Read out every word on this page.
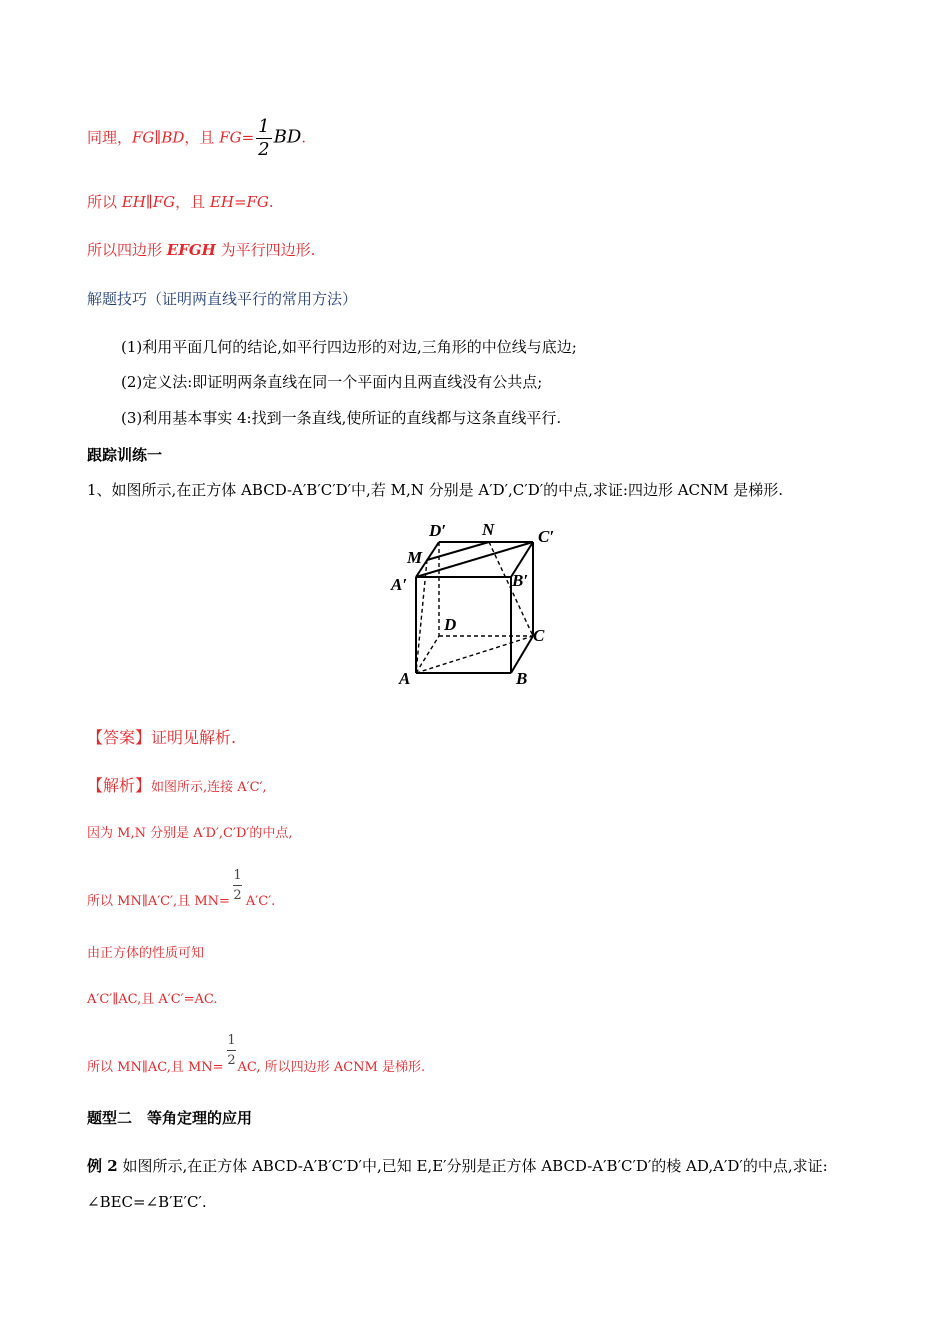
同理，FG∥BD，且 $FG= \frac{1}{2}$ BD.
所以 EH∥FG，且 EH=FG.
所以四边形 EFGH 为平行四边形.
解题技巧（证明两直线平行的常用方法）
(1)利用平面几何的结论,如平行四边形的对边,三角形的中位线与底边;
(2)定义法:即证明两条直线在同一个平面内且两直线没有公共点;
(3)利用基本事实 4:找到一条直线,使所证的直线都与这条直线平行.
跟踪训练一
1、如图所示,在正方体 ABCD-A′B′C′D′中,若 M,N 分别是 A′D′,C′D′的中点,求证:四边形 ACNM 是梯形.
D′ N	C′
M
A′	B′
D
C
A	B
【答案】证明见解析.
【解析】如图所示,连接 A′C′,
因为 M,N 分别是 A′D′,C′D′的中点,
所以 MN∥A′C′,且 MN= A′C′.
1
2
由正方体的性质可知
A′C′∥AC,且 A′C′=AC.
所以 MN∥AC,且 MN= AC, 所以四边形 ACNM 是梯形.
1
2
题型二　等角定理的应用
例 2 如图所示,在正方体 ABCD-A′B′C′D′中,已知 E,E′分别是正方体 ABCD-A′B′C′D′的棱 AD,A′D′的中点,求证:
∠BEC=∠B′E′C′.
